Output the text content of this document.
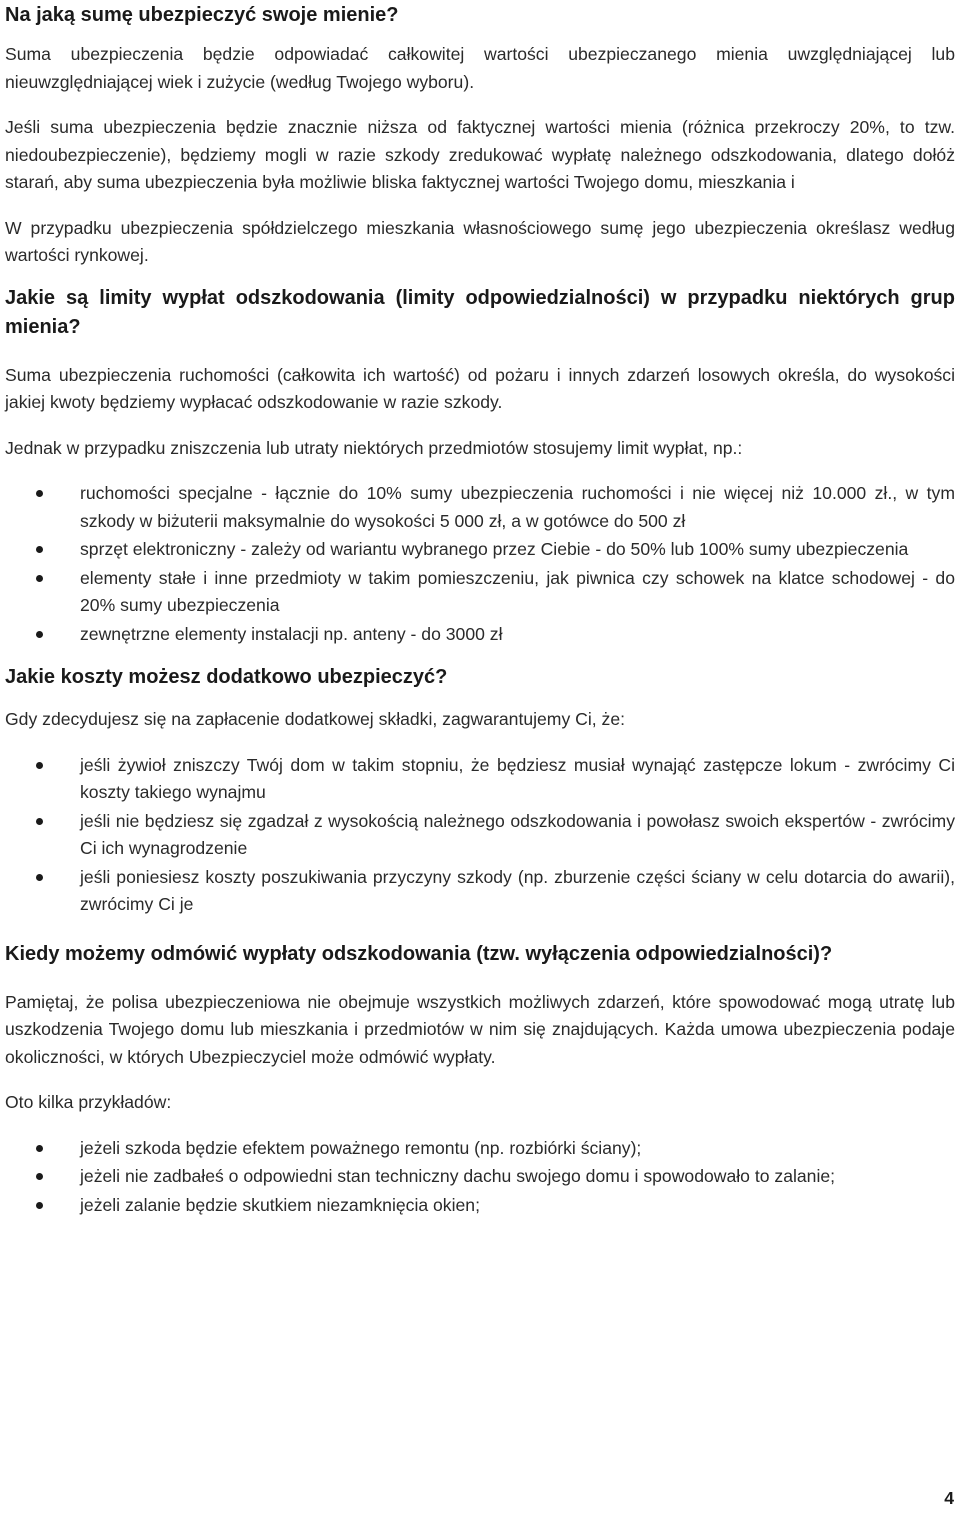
Na jaką sumę ubezpieczyć swoje mienie?

Suma ubezpieczenia będzie odpowiadać całkowitej wartości ubezpieczanego mienia uwzględniającej lub nieuwzględniającej wiek i zużycie (według Twojego wyboru).

Jeśli suma ubezpieczenia będzie znacznie niższa od faktycznej wartości mienia (różnica przekroczy 20%, to tzw. niedoubezpieczenie), będziemy mogli w razie szkody zredukować wypłatę należnego odszkodowania, dlatego dołóż starań, aby suma ubezpieczenia była możliwie bliska faktycznej wartości Twojego domu, mieszkania i

W przypadku ubezpieczenia spółdzielczego mieszkania własnościowego sumę jego ubezpieczenia określasz według wartości rynkowej.

Jakie są limity wypłat odszkodowania (limity odpowiedzialności) w przypadku niektórych grup mienia?

Suma ubezpieczenia ruchomości (całkowita ich wartość) od pożaru i innych zdarzeń losowych określa, do wysokości jakiej kwoty będziemy wypłacać odszkodowanie w razie szkody.

Jednak w przypadku zniszczenia lub utraty niektórych przedmiotów stosujemy limit wypłat, np.:

ruchomości specjalne - łącznie do 10% sumy ubezpieczenia ruchomości i nie więcej niż 10.000 zł., w tym szkody w biżuterii maksymalnie do wysokości 5 000 zł, a w gotówce do 500 zł
sprzęt elektroniczny - zależy od wariantu wybranego przez Ciebie - do 50% lub 100% sumy ubezpieczenia
elementy stałe i inne przedmioty w takim pomieszczeniu, jak piwnica czy schowek na klatce schodowej - do 20% sumy ubezpieczenia
zewnętrzne elementy instalacji np. anteny - do 3000 zł
Jakie koszty możesz dodatkowo ubezpieczyć?

Gdy zdecydujesz się na zapłacenie dodatkowej składki, zagwarantujemy Ci, że:

jeśli żywioł zniszczy Twój dom w takim stopniu, że będziesz musiał wynająć zastępcze lokum - zwrócimy Ci koszty takiego wynajmu
jeśli nie będziesz się zgadzał z wysokością należnego odszkodowania i powołasz swoich ekspertów - zwrócimy Ci ich wynagrodzenie
jeśli poniesiesz koszty poszukiwania przyczyny szkody (np. zburzenie części ściany w celu dotarcia do awarii), zwrócimy Ci je
Kiedy możemy odmówić wypłaty odszkodowania (tzw. wyłączenia odpowiedzialności)?

Pamiętaj, że polisa ubezpieczeniowa nie obejmuje wszystkich możliwych zdarzeń, które spowodować mogą utratę lub uszkodzenia Twojego domu lub mieszkania i przedmiotów w nim się znajdujących. Każda umowa ubezpieczenia podaje okoliczności, w których Ubezpieczyciel może odmówić wypłaty.

Oto kilka przykładów:

jeżeli szkoda będzie efektem poważnego remontu (np. rozbiórki ściany);
jeżeli nie zadbałeś o odpowiedni stan techniczny dachu swojego domu i spowodowało to zalanie;
jeżeli zalanie będzie skutkiem niezamknięcia okien;
4
